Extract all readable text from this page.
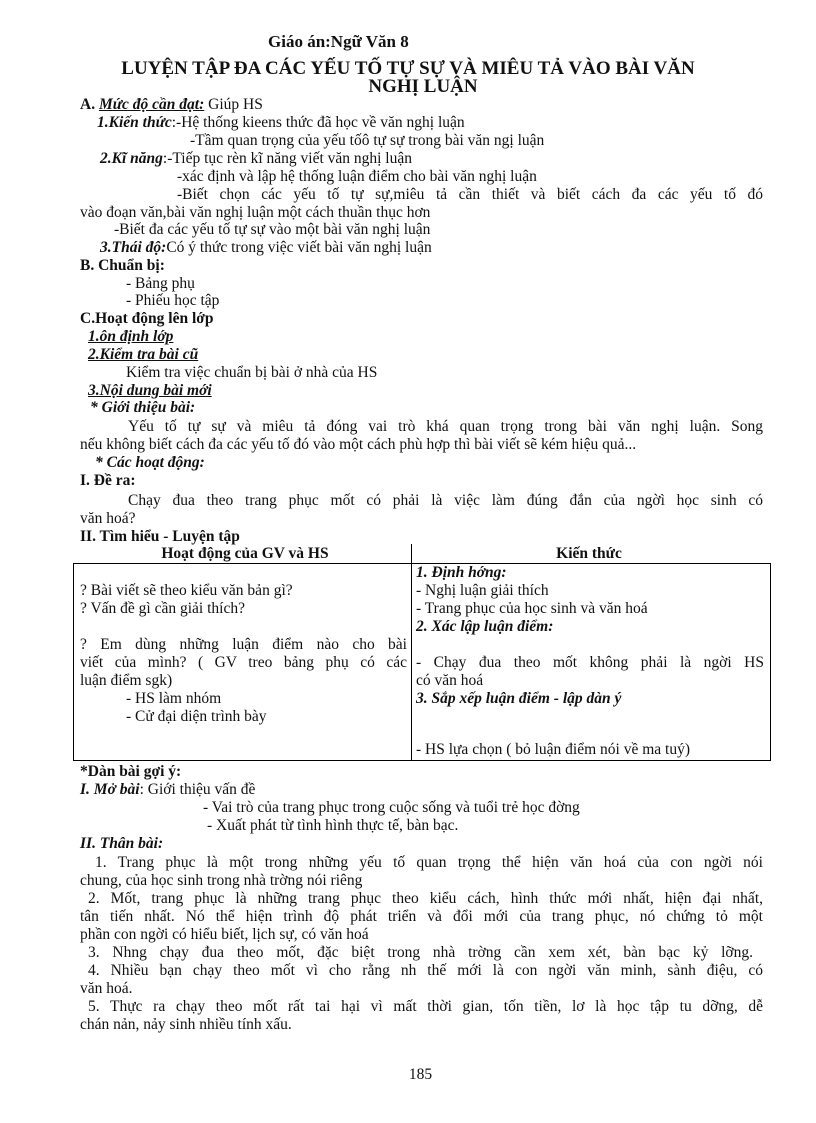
Giáo án:Ngữ Văn 8
LUYỆN TẬP ĐA CÁC YẾU TỐ TỰ SỰ VÀ MIÊU TẢ VÀO BÀI VĂN
NGHỊ LUẬN
A. Mức độ cần đạt: Giúp HS
1.Kiến thức:-Hệ thống kieens thức đã học về văn nghị luận
-Tầm quan trọng của yếu tốô tự sự trong bài văn ngị luận
2.Kĩ năng:-Tiếp tục rèn kĩ năng viết văn nghị luận
-xác định và lập hệ thống luận điểm cho bài văn nghị luận
-Biết chọn các yếu tố tự sự,miêu tả cần thiết và biết cách đa các yếu tố đó
vào đoạn văn,bài văn nghị luận một cách thuần thục hơn
-Biết đa các yếu tố tự sự vào một bài văn nghị luận
3.Thái độ:Có ý thức trong việc viết bài văn nghị luận
B. Chuẩn bị:
- Bảng phụ
- Phiếu học tập
C.Hoạt động lên lớp
1.ôn định lớp
2.Kiểm tra bài cũ
Kiểm tra việc chuẩn bị bài ở nhà của HS
3.Nội dung bài mới
* Giới thiệu bài:
Yếu tố tự sự và miêu tả đóng vai trò khá quan trọng trong bài văn nghị luận. Song
nếu không biết cách đa các yếu tố đó vào một cách phù hợp thì bài viết sẽ kém hiệu quả...
* Các hoạt động:
I. Đề ra:
Chạy đua theo trang phục mốt có phải là việc làm đúng đắn của ngờì học sinh có
văn hoá?
II. Tìm hiểu - Luyện tập
Hoạt động của GV và HS	Kiến thức
? Bài viết sẽ theo kiểu văn bản gì?
? Vấn đề gì cần giải thích?
? Em dùng những luận điểm nào cho bài
viết của mình? ( GV treo bảng phụ có các
luận điểm sgk)
- HS làm nhóm
- Cử đại diện trình bày
1. Định hớng:
- Nghị luận giải thích
- Trang phục của học sinh và văn hoá
2. Xác lập luận điểm:
- Chạy đua theo mốt không phải là ngời HS
có văn hoá
3. Sắp xếp luận điểm - lập dàn ý
- HS lựa chọn ( bỏ luận điểm nói về ma tuý)
*Dàn bài gợi ý:
I. Mở bài: Giới thiệu vấn đề
- Vai trò của trang phục trong cuộc sống và tuổi trẻ học đờng
- Xuất phát từ tình hình thực tế, bàn bạc.
II. Thân bài:
1. Trang phục là một trong những yếu tố quan trọng thể hiện văn hoá của con ngời nói
chung, của học sinh trong nhà trờng nói riêng
2. Mốt, trang phục là những trang phục theo kiểu cách, hình thức mới nhất, hiện đại nhất,
tân tiến nhất. Nó thể hiện trình độ phát triển và đổi mới của trang phục, nó chứng tỏ một
phần con ngời có hiểu biết, lịch sự, có văn hoá
3. Nhng chạy đua theo mốt, đặc biệt trong nhà trờng cần xem xét, bàn bạc kỷ lỡng.
4. Nhiều bạn chạy theo mốt vì cho rằng nh thế mới là con ngời văn minh, sành điệu, có
văn hoá.
5. Thực ra chạy theo mốt rất tai hại vì mất thời gian, tốn tiền, lơ là học tập tu dỡng, dễ
chán nản, nảy sinh nhiều tính xấu.
185
